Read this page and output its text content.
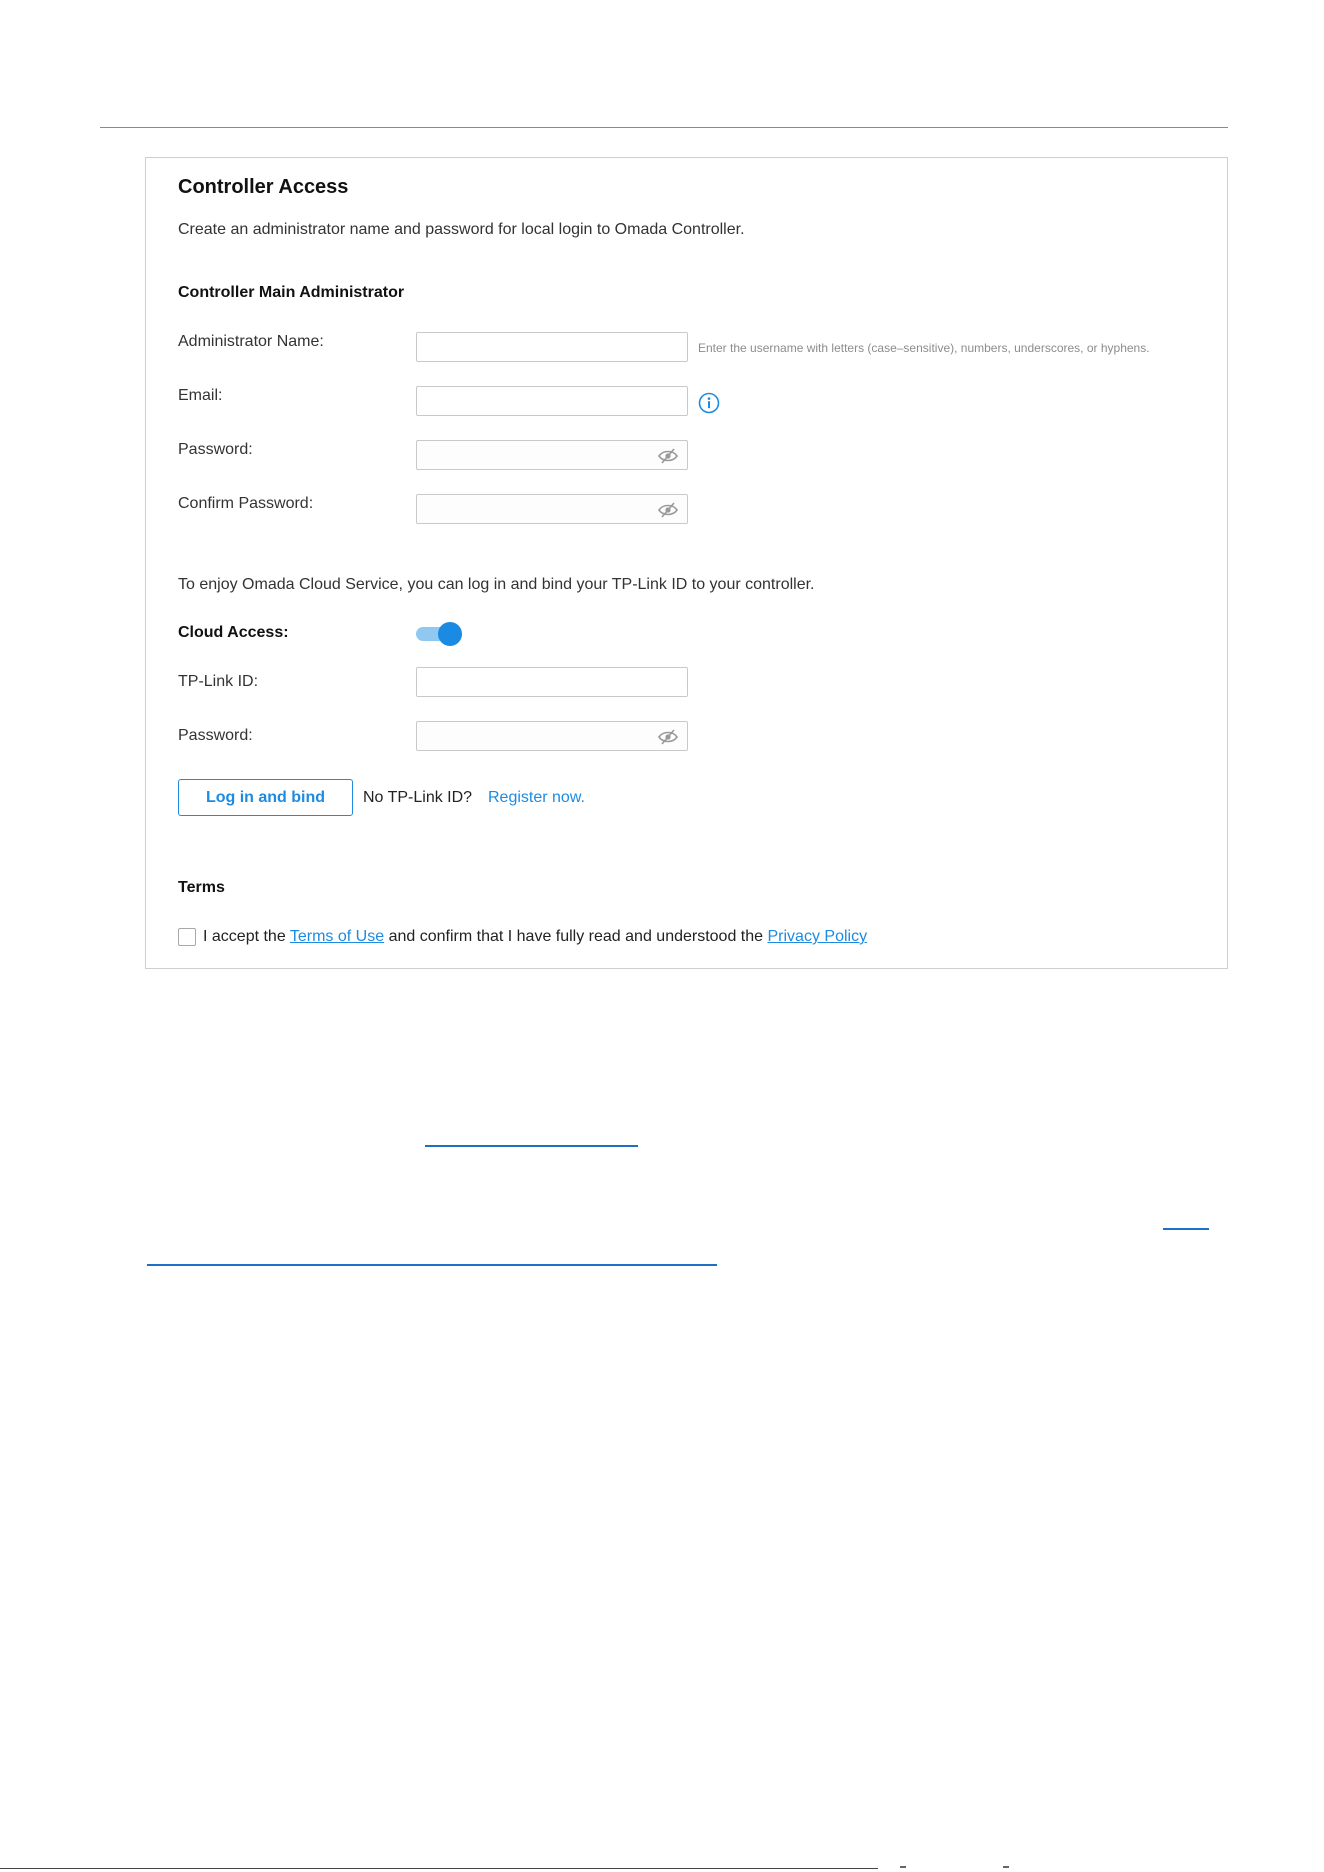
Controller Access
Create an administrator name and password for local login to Omada Controller.
Controller Main Administrator
Administrator Name:	Enter the username with letters (case–sensitive), numbers, underscores, or hyphens.
Email:
Password:
Confirm Password:
To enjoy Omada Cloud Service, you can log in and bind your TP-Link ID to your controller.
Cloud Access:
TP-Link ID:
Password:
Log in and bind	No TP-Link ID? Register now.
Terms
I accept the Terms of Use and confirm that I have fully read and understood the Privacy Policy
